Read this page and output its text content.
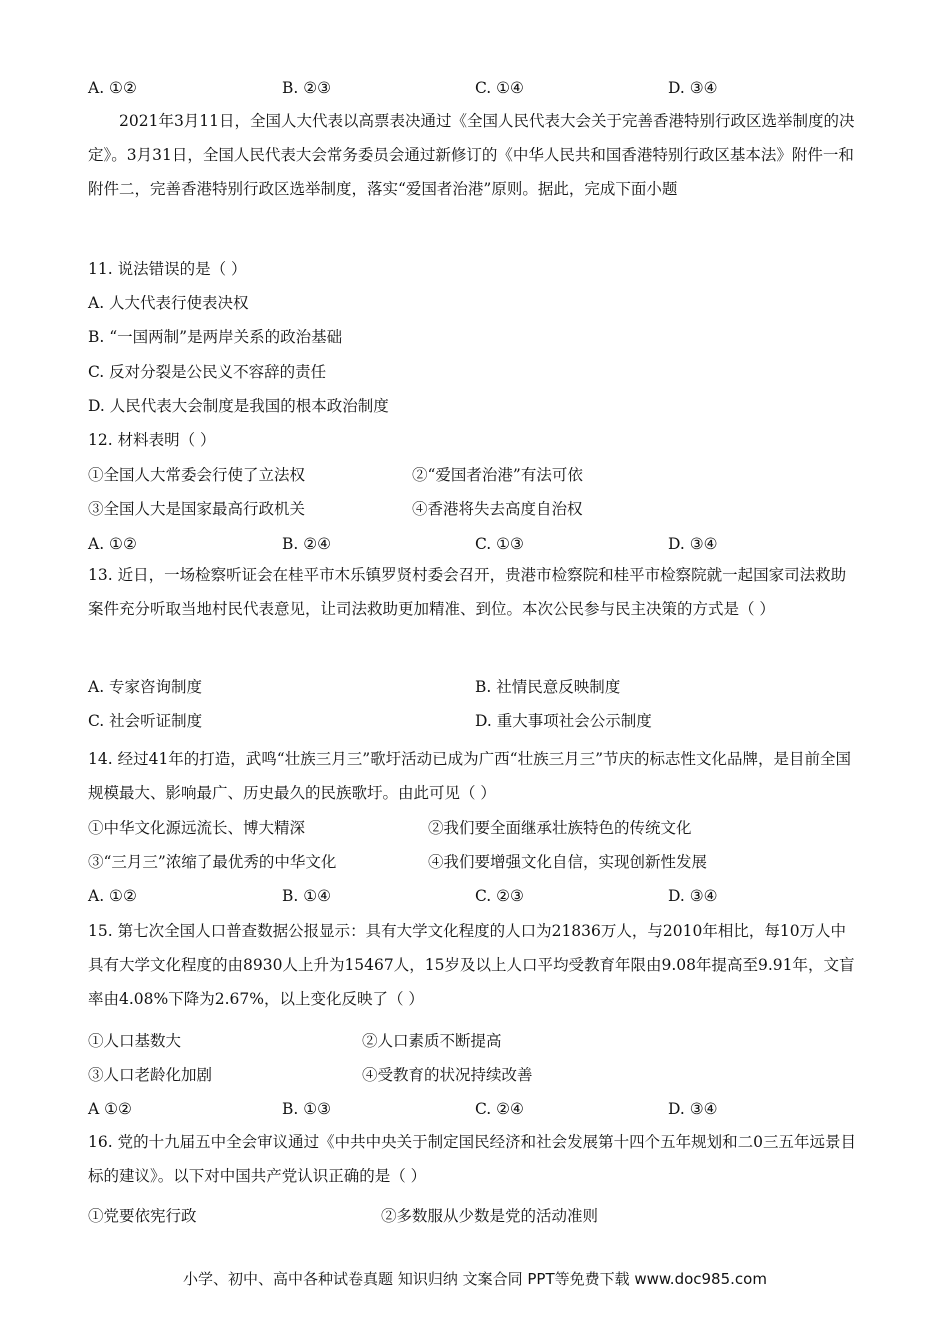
A. ①②	B. ②③	C. ①④	D. ③④
2021年3月11日，全国人大代表以高票表决通过《全国人民代表大会关于完善香港特别行政区选举制度的决定》。3月31日，全国人民代表大会常务委员会通过新修订的《中华人民共和国香港特别行政区基本法》附件一和附件二，完善香港特别行政区选举制度，落实“爱国者治港”原则。据此，完成下面小题
11. 说法错误的是（ ）
A. 人大代表行使表决权
B. “一国两制”是两岸关系的政治基础
C. 反对分裂是公民义不容辞的责任
D. 人民代表大会制度是我国的根本政治制度
12. 材料表明（ ）
①全国人大常委会行使了立法权	②“爱国者治港”有法可依
③全国人大是国家最高行政机关	④香港将失去高度自治权
A. ①②	B. ②④	C. ①③	D. ③④
13. 近日，一场检察听证会在桂平市木乐镇罗贤村委会召开，贵港市检察院和桂平市检察院就一起国家司法救助案件充分听取当地村民代表意见，让司法救助更加精准、到位。本次公民参与民主决策的方式是（ ）
A. 专家咨询制度	B. 社情民意反映制度
C. 社会听证制度	D. 重大事项社会公示制度
14. 经过41年的打造，武鸣“壮族三月三”歌圩活动已成为广西“壮族三月三”节庆的标志性文化品牌，是目前全国规模最大、影响最广、历史最久的民族歌圩。由此可见（ ）
①中华文化源远流长、博大精深	②我们要全面继承壮族特色的传统文化
③“三月三”浓缩了最优秀的中华文化	④我们要增强文化自信，实现创新性发展
A. ①②	B. ①④	C. ②③	D. ③④
15. 第七次全国人口普查数据公报显示：具有大学文化程度的人口为21836万人，与2010年相比，每10万人中具有大学文化程度的由8930人上升为15467人，15岁及以上人口平均受教育年限由9.08年提高至9.91年，文盲率由4.08%下降为2.67%，以上变化反映了（ ）
①人口基数大	②人口素质不断提高
③人口老龄化加剧	④受教育的状况持续改善
A ①②	B. ①③	C. ②④	D. ③④
16. 党的十九届五中全会审议通过《中共中央关于制定国民经济和社会发展第十四个五年规划和二0三五年远景目标的建议》。以下对中国共产党认识正确的是（ ）
①党要依宪行政	②多数服从少数是党的活动准则
小学、初中、高中各种试卷真题 知识归纳 文案合同 PPT等免费下载 www.doc985.com
